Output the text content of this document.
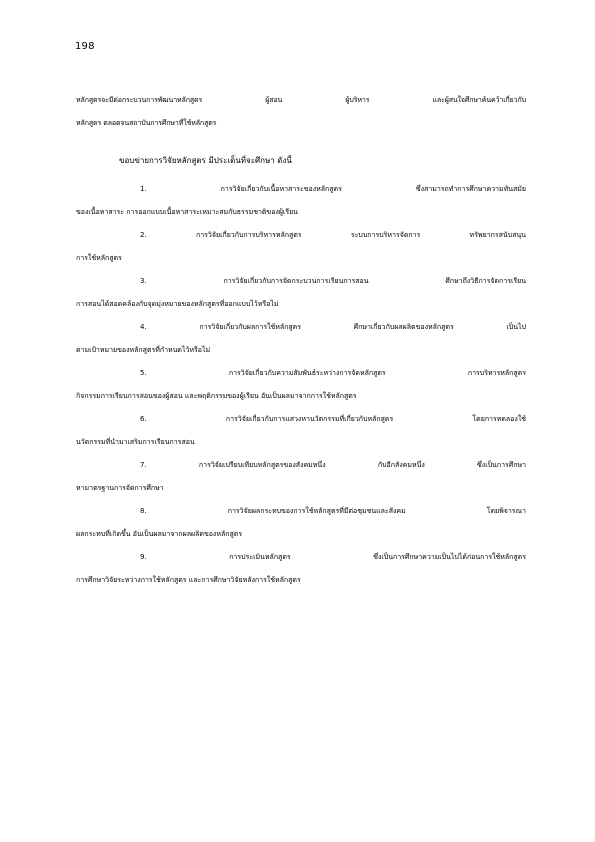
198
หลักสูตรจะมีต่อกระบวนการพัฒนาหลักสูตร ผู้สอน ผู้บริหาร และผู้สนใจศึกษาค้นคว้าเกี่ยวกับ
หลักสูตร ตลอดจนสถาบันการศึกษาที่ใช้หลักสูตร
ขอบข่ายการวิจัยหลักสูตร มีประเด็นที่จะศึกษา ดังนี้
1. การวิจัยเกี่ยวกับเนื้อหาสาระของหลักสูตร ซึ่งสามารถทำการศึกษาความทันสมัย
ของเนื้อหาสาระ การออกแบบเนื้อหาสาระเหมาะสมกับธรรมชาติของผู้เรียน
2. การวิจัยเกี่ยวกับการบริหารหลักสูตร ระบบการบริหารจัดการ ทรัพยากรสนับสนุน
การใช้หลักสูตร
3. การวิจัยเกี่ยวกับการจัดกระบวนการเรียนการสอน ศึกษาถึงวิธีการจัดการเรียน
การสอนได้สอดคล้องกับจุดมุ่งหมายของหลักสูตรที่ออกแบบไว้หรือไม่
4. การวิจัยเกี่ยวกับผลการใช้หลักสูตร ศึกษาเกี่ยวกับผลผลิตของหลักสูตร เป็นไป
ตามเป้าหมายของหลักสูตรที่กำหนดไว้หรือไม่
5. การวิจัยเกี่ยวกับความสัมพันธ์ระหว่างการจัดหลักสูตร การบริหารหลักสูตร
กิจกรรมการเรียนการสอนของผู้สอน และพฤติกรรมของผู้เรียน อันเป็นผลมาจากการใช้หลักสูตร
6. การวิจัยเกี่ยวกับการแสวงหานวัตกรรมที่เกี่ยวกับหลักสูตร โดยการทดลองใช้
นวัตกรรมที่นำมาเสริมการเรียนการสอน
7. การวิจัยเปรียบเทียบหลักสูตรของสังคมหนึ่ง กับอีกสังคมหนึ่ง ซึ่งเป็นการศึกษา
หามาตรฐานการจัดการศึกษา
8. การวิจัยผลกระทบของการใช้หลักสูตรที่มีต่อชุมชนและสังคม โดยพิจารณา
ผลกระทบที่เกิดขึ้น อันเป็นผลมาจากผลผลิตของหลักสูตร
9. การประเมินหลักสูตร ซึ่งเป็นการศึกษาความเป็นไปได้ก่อนการใช้หลักสูตร
การศึกษาวิจัยระหว่างการใช้หลักสูตร และการศึกษาวิจัยหลังการใช้หลักสูตร
